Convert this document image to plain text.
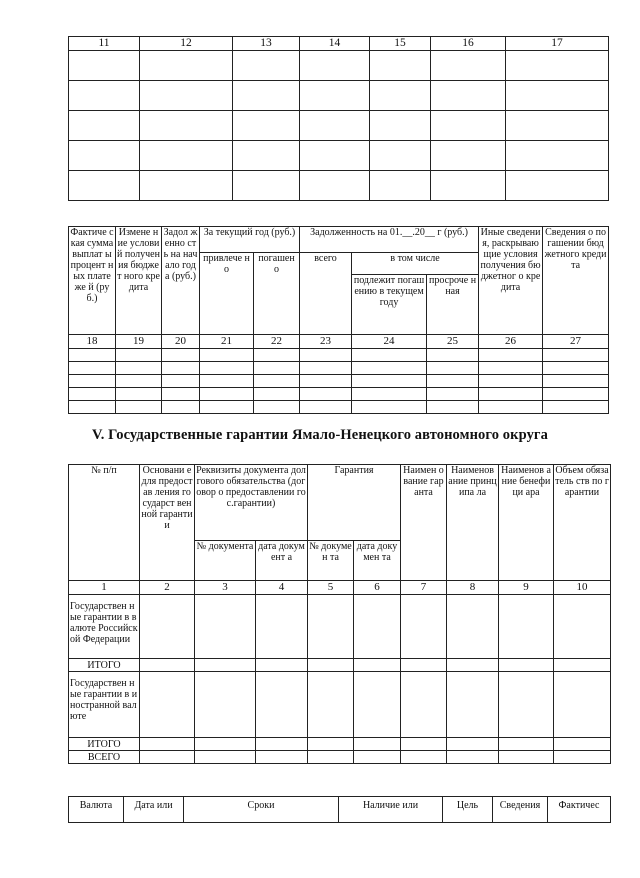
11	12	13	14	15	16	17

Фактиче ская сумма выплат ы процент ных платеже й (руб.)	Измене ние условий получен ия бюджет ного кредита	Задол женно сть на начало года (руб.)	За текущий год (руб.)		Задолженность на 01.__.20__ г (руб.)			Иные сведения, раскрываю щие условия получения бюджетног о кредита	Сведения о погашении бюджетного кредита
			привлече но	погашен о	всего	в том числе			
						подлежит погашению в текущем году	просроче нная		
18	19	20	21	22	23	24	25	26	27

V. Государственные гарантии Ямало-Ненецкого автономного округа
№ п/п	Основани е для предостав ления государст венной гарантии	Реквизиты документа долгового обязательства (договор о предоставлении гос.гарантии)		Гарантия		Наимен ование гаранта	Наименов ание принципа ла	Наименов ание бенефици ара	Объем обязатель ств по гарантии
		№ документа	дата документ а	№ докумен та	дата докумен та				
1	2	3	4	5	6	7	8	9	10
Государствен ные гарантии в валюте Российской Федерации									
ИТОГО									
Государствен ные гарантии в иностранной валюте									
ИТОГО									
ВСЕГО									
Валюта	Дата или	Сроки	Наличие или	Цель	Сведения	Фактичес
